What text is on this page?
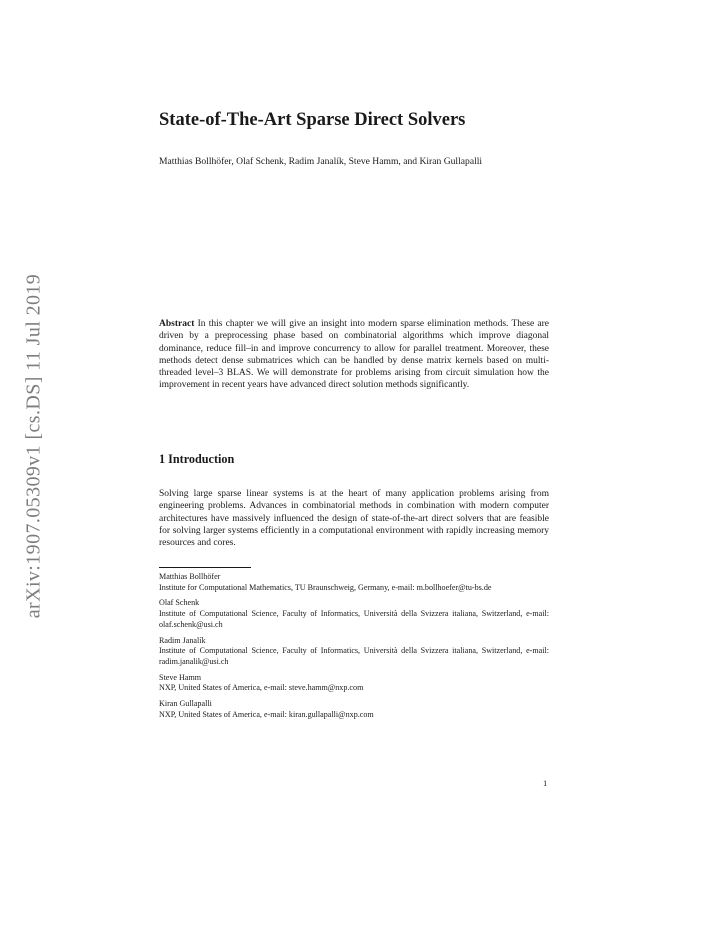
arXiv:1907.05309v1 [cs.DS] 11 Jul 2019
State-of-The-Art Sparse Direct Solvers
Matthias Bollhöfer, Olaf Schenk, Radim Janalík, Steve Hamm, and Kiran Gullapalli

Abstract In this chapter we will give an insight into modern sparse elimination methods. These are driven by a preprocessing phase based on combinatorial algorithms which improve diagonal dominance, reduce fill–in and improve concurrency to allow for parallel treatment. Moreover, these methods detect dense submatrices which can be handled by dense matrix kernels based on multi-threaded level–3 BLAS. We will demonstrate for problems arising from circuit simulation how the improvement in recent years have advanced direct solution methods significantly.

1 Introduction

Solving large sparse linear systems is at the heart of many application problems arising from engineering problems. Advances in combinatorial methods in combination with modern computer architectures have massively influenced the design of state-of-the-art direct solvers that are feasible for solving larger systems efficiently in a computational environment with rapidly increasing memory resources and cores.

Matthias Bollhöfer
Institute for Computational Mathematics, TU Braunschweig, Germany, e-mail: m.bollhoefer@tu-bs.de
Olaf Schenk
Institute of Computational Science, Faculty of Informatics, Università della Svizzera italiana, Switzerland, e-mail: olaf.schenk@usi.ch
Radim Janalík
Institute of Computational Science, Faculty of Informatics, Università della Svizzera italiana, Switzerland, e-mail: radim.janalik@usi.ch
Steve Hamm
NXP, United States of America, e-mail: steve.hamm@nxp.com
Kiran Gullapalli
NXP, United States of America, e-mail: kiran.gullapalli@nxp.com
1
